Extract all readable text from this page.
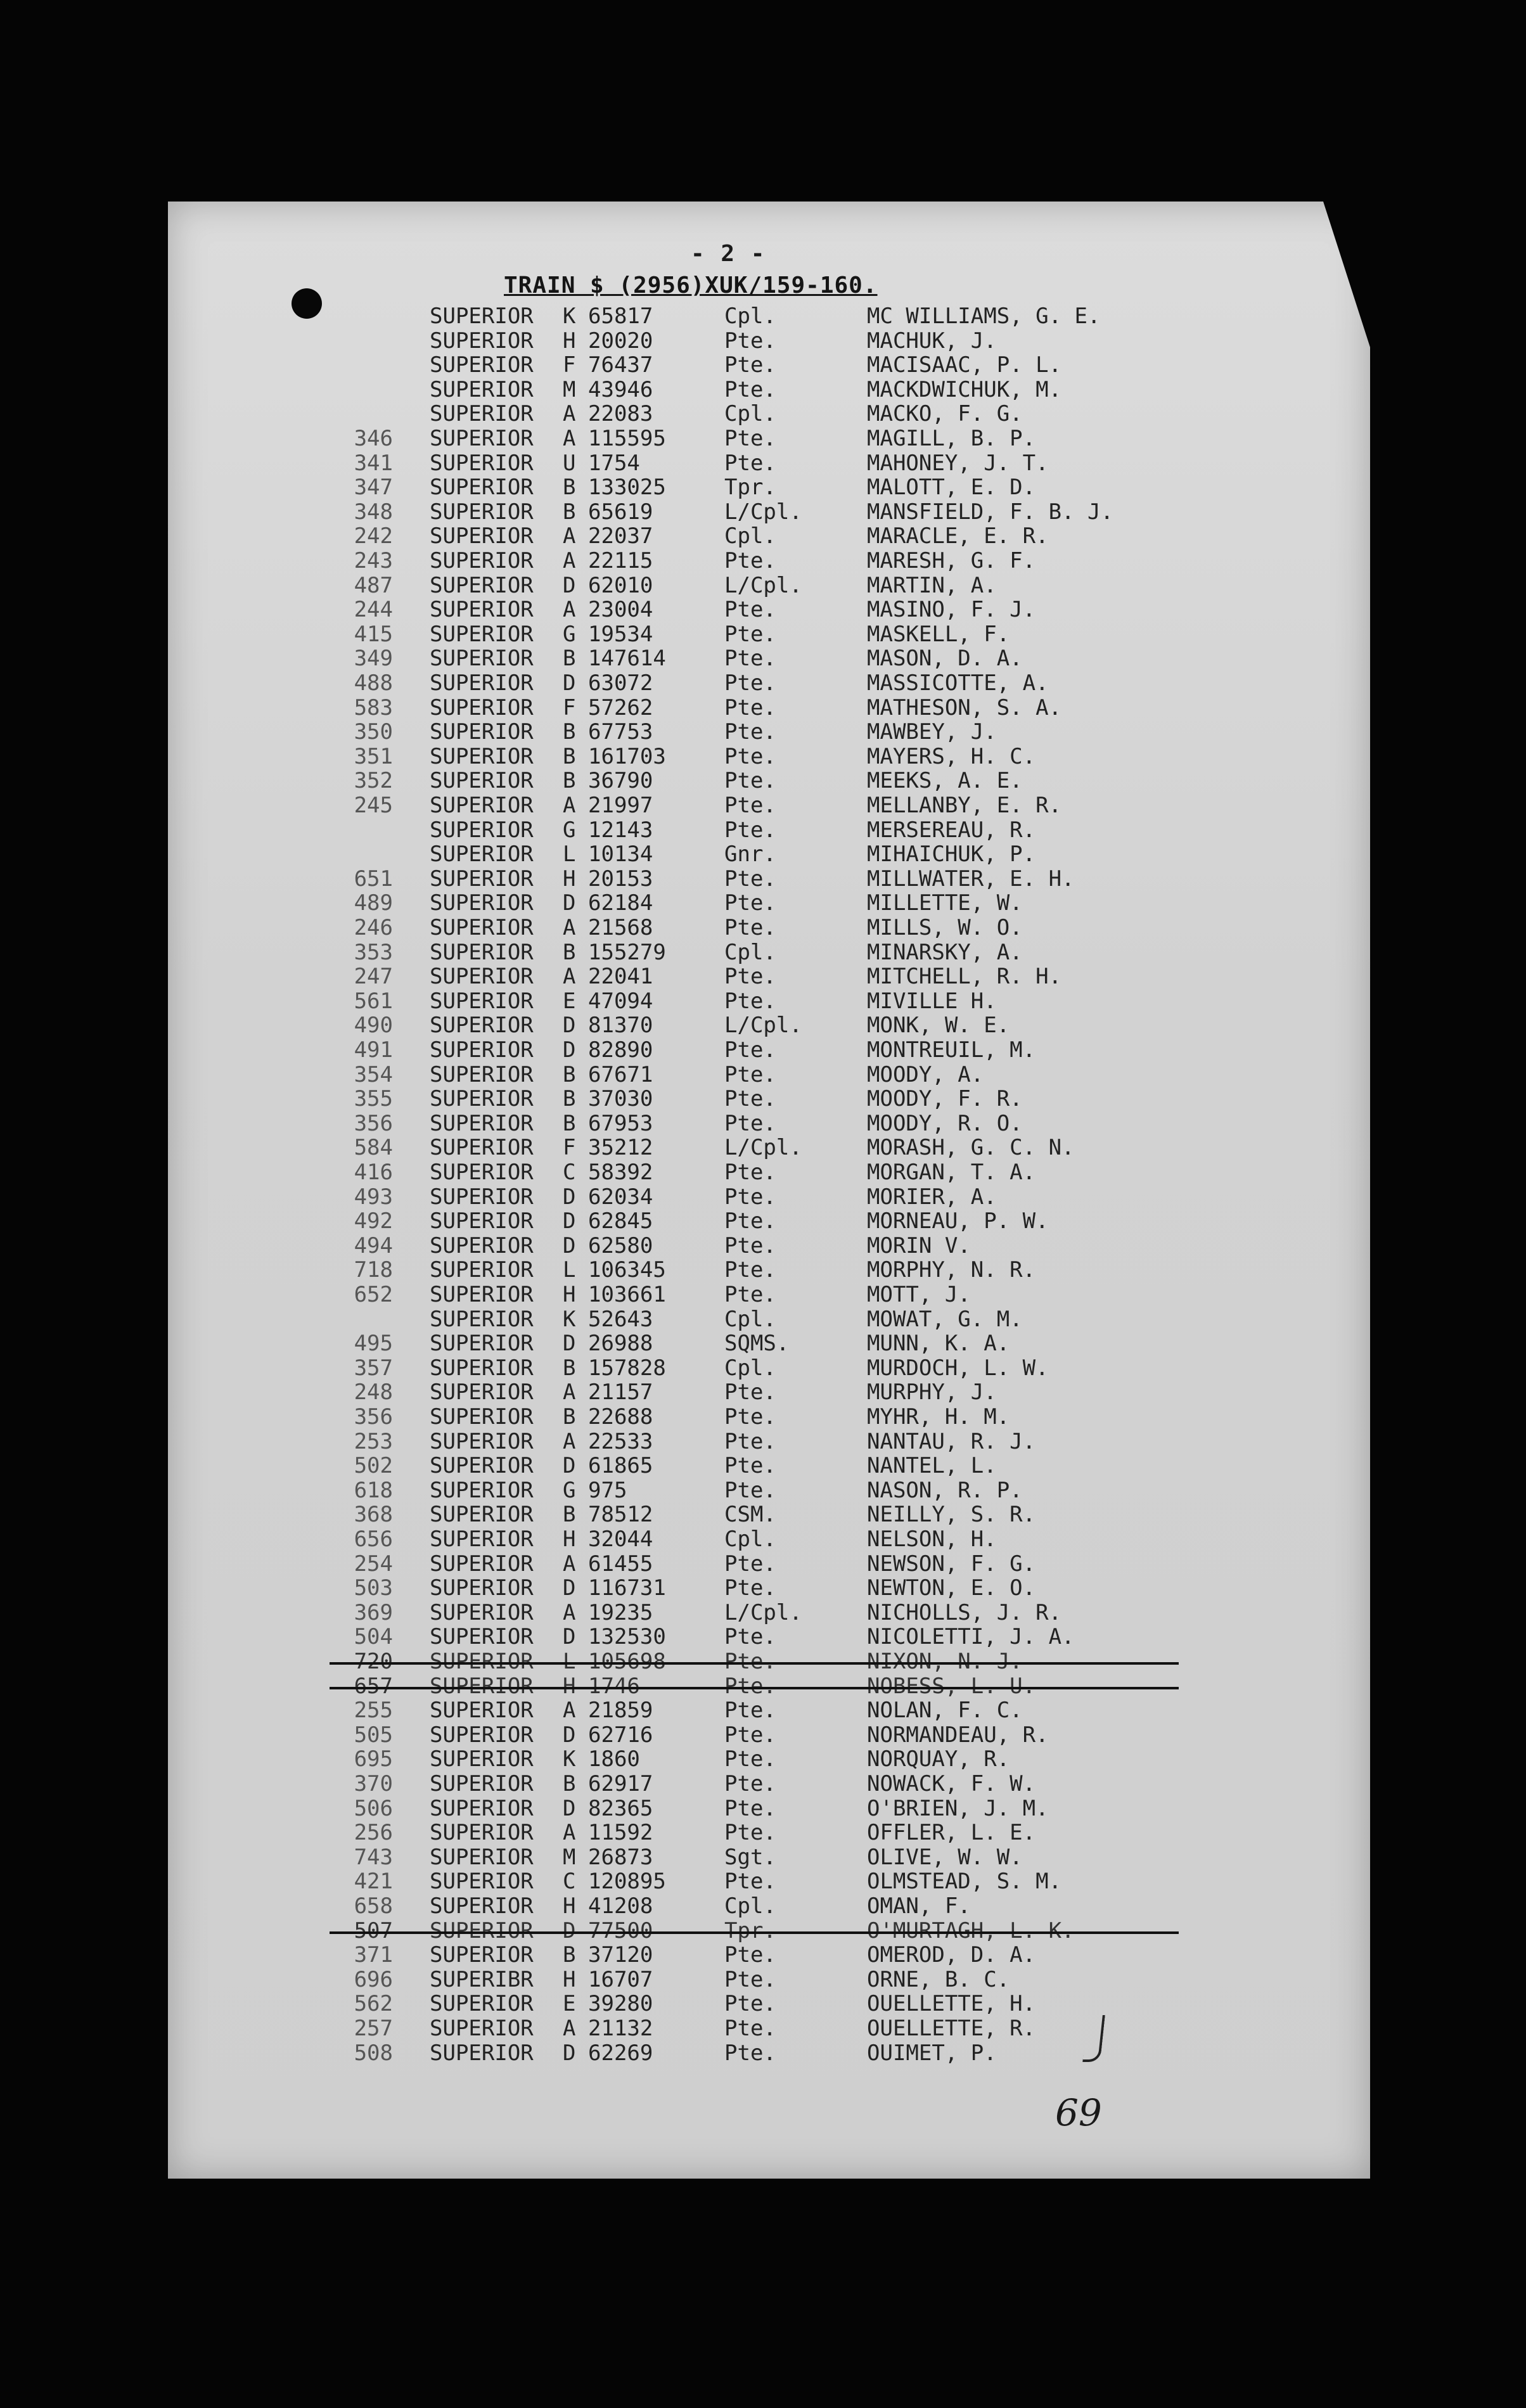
- 2 -
TRAIN $ (2956)XUK/159-160.
SUPERIOR K 65817	Cpl.	MC WILLIAMS, G. E.
SUPERIOR H 20020	Pte.	MACHUK, J.
SUPERIOR F 76437	Pte.	MACISAAC, P. L.
SUPERIOR M 43946	Pte.	MACKDWICHUK, M.
SUPERIOR A 22083	Cpl.	MACKO, F. G.
346 SUPERIOR A 115595	Pte.	MAGILL, B. P.
341 SUPERIOR U 1754	Pte.	MAHONEY, J. T.
347 SUPERIOR B 133025	Tpr.	MALOTT, E. D.
348 SUPERIOR B 65619	L/Cpl.	MANSFIELD, F. B. J.
242 SUPERIOR A 22037	Cpl.	MARACLE, E. R.
243 SUPERIOR A 22115	Pte.	MARESH, G. F.
487 SUPERIOR D 62010	L/Cpl.	MARTIN, A.
244 SUPERIOR A 23004	Pte.	MASINO, F. J.
415 SUPERIOR G 19534	Pte.	MASKELL, F.
349 SUPERIOR B 147614	Pte.	MASON, D. A.
488 SUPERIOR D 63072	Pte.	MASSICOTTE, A.
583 SUPERIOR F 57262	Pte.	MATHESON, S. A.
350 SUPERIOR B 67753	Pte.	MAWBEY, J.
351 SUPERIOR B 161703	Pte.	MAYERS, H. C.
352 SUPERIOR B 36790	Pte.	MEEKS, A. E.
245 SUPERIOR A 21997	Pte.	MELLANBY, E. R.
SUPERIOR G 12143	Pte.	MERSEREAU, R.
SUPERIOR L 10134	Gnr.	MIHAICHUK, P.
651 SUPERIOR H 20153	Pte.	MILLWATER, E. H.
489 SUPERIOR D 62184	Pte.	MILLETTE, W.
246 SUPERIOR A 21568	Pte.	MILLS, W. O.
353 SUPERIOR B 155279	Cpl.	MINARSKY, A.
247 SUPERIOR A 22041	Pte.	MITCHELL, R. H.
561 SUPERIOR E 47094	Pte.	MIVILLE H.
490 SUPERIOR D 81370	L/Cpl.	MONK, W. E.
491 SUPERIOR D 82890	Pte.	MONTREUIL, M.
354 SUPERIOR B 67671	Pte.	MOODY, A.
355 SUPERIOR B 37030	Pte.	MOODY, F. R.
356 SUPERIOR B 67953	Pte.	MOODY, R. O.
584 SUPERIOR F 35212	L/Cpl.	MORASH, G. C. N.
416 SUPERIOR C 58392	Pte.	MORGAN, T. A.
493 SUPERIOR D 62034	Pte.	MORIER, A.
492 SUPERIOR D 62845	Pte.	MORNEAU, P. W.
494 SUPERIOR D 62580	Pte.	MORIN V.
718 SUPERIOR L 106345	Pte.	MORPHY, N. R.
652 SUPERIOR H 103661	Pte.	MOTT, J.
SUPERIOR K 52643	Cpl.	MOWAT, G. M.
495 SUPERIOR D 26988	SQMS.	MUNN, K. A.
357 SUPERIOR B 157828	Cpl.	MURDOCH, L. W.
248 SUPERIOR A 21157	Pte.	MURPHY, J.
356 SUPERIOR B 22688	Pte.	MYHR, H. M.
253 SUPERIOR A 22533	Pte.	NANTAU, R. J.
502 SUPERIOR D 61865	Pte.	NANTEL, L.
618 SUPERIOR G 975	Pte.	NASON, R. P.
368 SUPERIOR B 78512	CSM.	NEILLY, S. R.
656 SUPERIOR H 32044	Cpl.	NELSON, H.
254 SUPERIOR A 61455	Pte.	NEWSON, F. G.
503 SUPERIOR D 116731	Pte.	NEWTON, E. O.
369 SUPERIOR A 19235	L/Cpl.	NICHOLLS, J. R.
504 SUPERIOR D 132530	Pte.	NICOLETTI, J. A.
720 SUPERIOR L 105698	Pte.	NIXON, N. J.
657 SUPERIOR H 1746	Pte.	NOBESS, L. U.
255 SUPERIOR A 21859	Pte.	NOLAN, F. C.
505 SUPERIOR D 62716	Pte.	NORMANDEAU, R.
695 SUPERIOR K 1860	Pte.	NORQUAY, R.
370 SUPERIOR B 62917	Pte.	NOWACK, F. W.
506 SUPERIOR D 82365	Pte.	O'BRIEN, J. M.
256 SUPERIOR A 11592	Pte.	OFFLER, L. E.
743 SUPERIOR M 26873	Sgt.	OLIVE, W. W.
421 SUPERIOR C 120895	Pte.	OLMSTEAD, S. M.
658 SUPERIOR H 41208	Cpl.	OMAN, F.
507 SUPERIOR D 77500	Tpr.	O'MURTAGH, L. K.
371 SUPERIOR B 37120	Pte.	OMEROD, D. A.
696 SUPERIBR H 16707	Pte.	ORNE, B. C.
562 SUPERIOR E 39280	Pte.	OUELLETTE, H.
257 SUPERIOR A 21132	Pte.	OUELLETTE, R.
508 SUPERIOR D 62269	Pte.	OUIMET, P.
69
